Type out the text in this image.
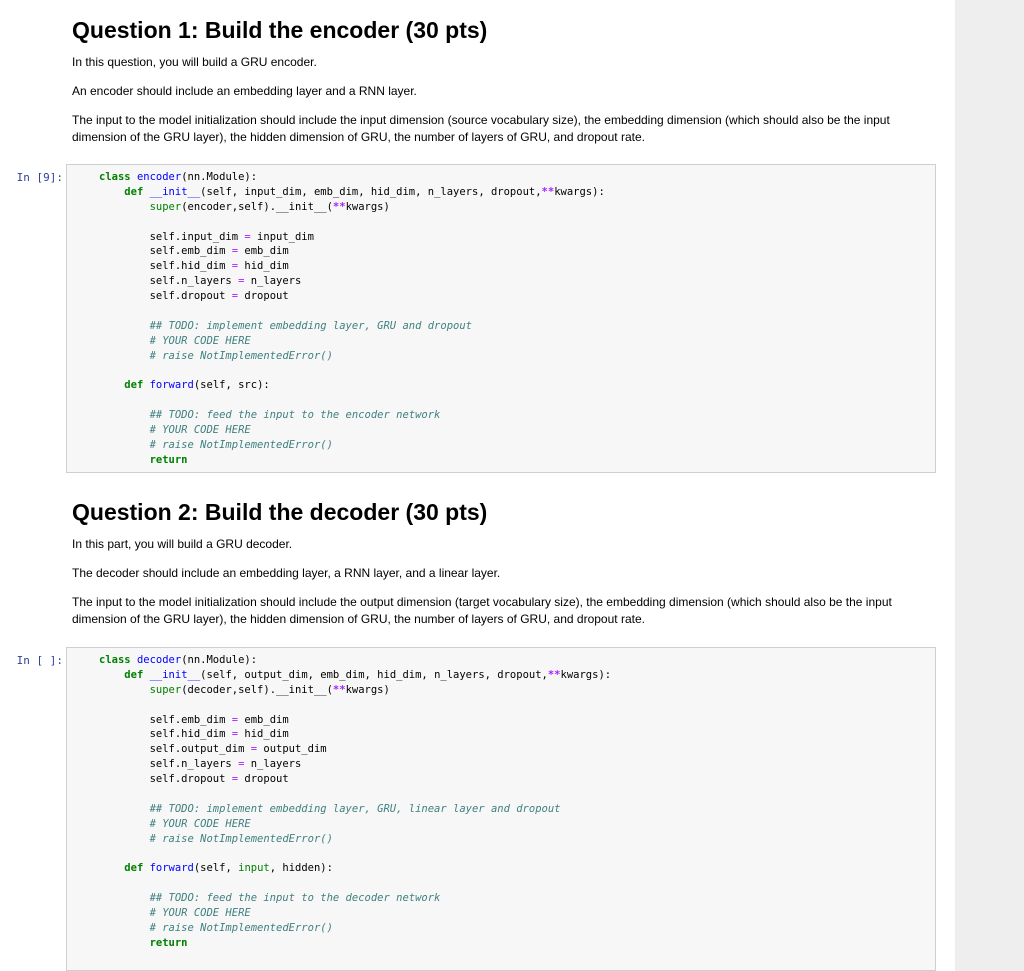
Question 1: Build the encoder (30 pts)

In this question, you will build a GRU encoder.

An encoder should include an embedding layer and a RNN layer.

The input to the model initialization should include the input dimension (source vocabulary size), the embedding dimension (which should also be the input dimension of the GRU layer), the hidden dimension of GRU, the number of layers of GRU, and dropout rate.

In [9]:	class encoder(nn.Module):
def __init__(self, input_dim, emb_dim, hid_dim, n_layers, dropout,**kwargs):
super(encoder,self).__init__(**kwargs)

self.input_dim = input_dim
self.emb_dim = emb_dim
self.hid_dim = hid_dim
self.n_layers = n_layers
self.dropout = dropout

## TODO: implement embedding layer, GRU and dropout
# YOUR CODE HERE
# raise NotImplementedError()

def forward(self, src):

## TODO: feed the input to the encoder network
# YOUR CODE HERE
# raise NotImplementedError()
return
Question 2: Build the decoder (30 pts)

In this part, you will build a GRU decoder.

The decoder should include an embedding layer, a RNN layer, and a linear layer.

The input to the model initialization should include the output dimension (target vocabulary size), the embedding dimension (which should also be the input dimension of the GRU layer), the hidden dimension of GRU, the number of layers of GRU, and dropout rate.

In [ ]:	class decoder(nn.Module):
def __init__(self, output_dim, emb_dim, hid_dim, n_layers, dropout,**kwargs):
super(decoder,self).__init__(**kwargs)

self.emb_dim = emb_dim
self.hid_dim = hid_dim
self.output_dim = output_dim
self.n_layers = n_layers
self.dropout = dropout

## TODO: implement embedding layer, GRU, linear layer and dropout
# YOUR CODE HERE
# raise NotImplementedError()

def forward(self, input, hidden):

## TODO: feed the input to the decoder network
# YOUR CODE HERE
# raise NotImplementedError()
return
